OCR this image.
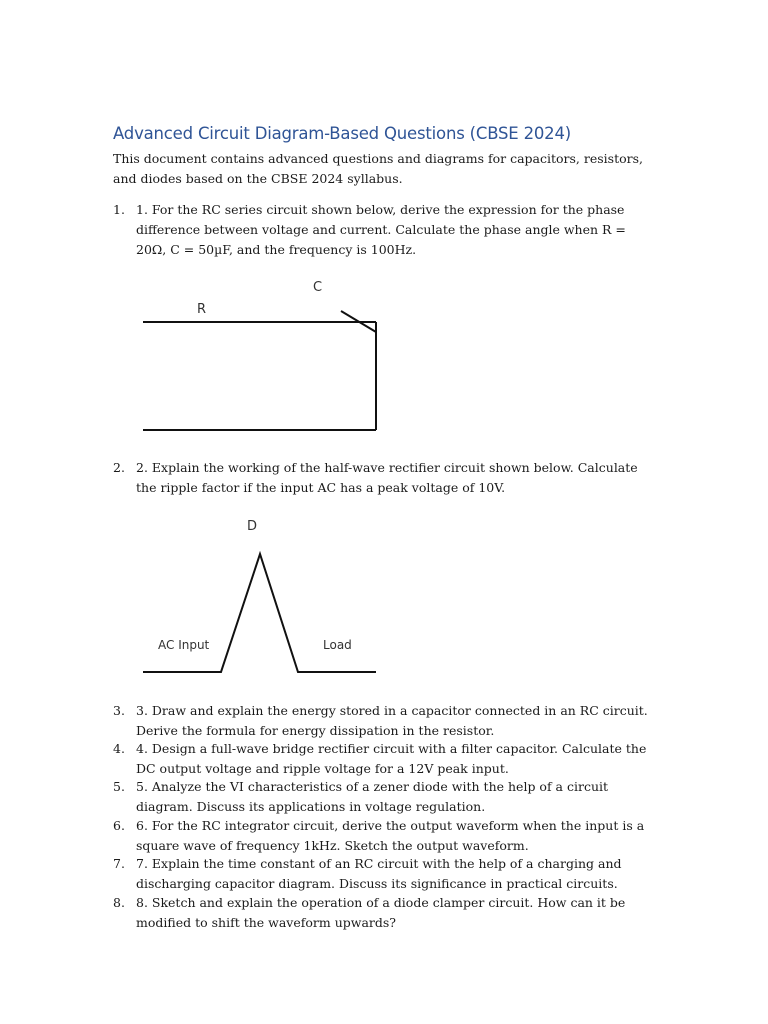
Advanced Circuit Diagram-Based Questions (CBSE 2024)
This document contains advanced questions and diagrams for capacitors, resistors, and diodes based on the CBSE 2024 syllabus.
1. 1. For the RC series circuit shown below, derive the expression for the phase difference between voltage and current. Calculate the phase angle when R = 20Ω, C = 50µF, and the frequency is 100Hz.
C
R
2. 2. Explain the working of the half-wave rectifier circuit shown below. Calculate the ripple factor if the input AC has a peak voltage of 10V.
D
AC Input	Load
3. 3. Draw and explain the energy stored in a capacitor connected in an RC circuit. Derive the formula for energy dissipation in the resistor.
4. 4. Design a full-wave bridge rectifier circuit with a filter capacitor. Calculate the DC output voltage and ripple voltage for a 12V peak input.
5. 5. Analyze the VI characteristics of a zener diode with the help of a circuit diagram. Discuss its applications in voltage regulation.
6. 6. For the RC integrator circuit, derive the output waveform when the input is a square wave of frequency 1kHz. Sketch the output waveform.
7. 7. Explain the time constant of an RC circuit with the help of a charging and discharging capacitor diagram. Discuss its significance in practical circuits.
8. 8. Sketch and explain the operation of a diode clamper circuit. How can it be modified to shift the waveform upwards?
